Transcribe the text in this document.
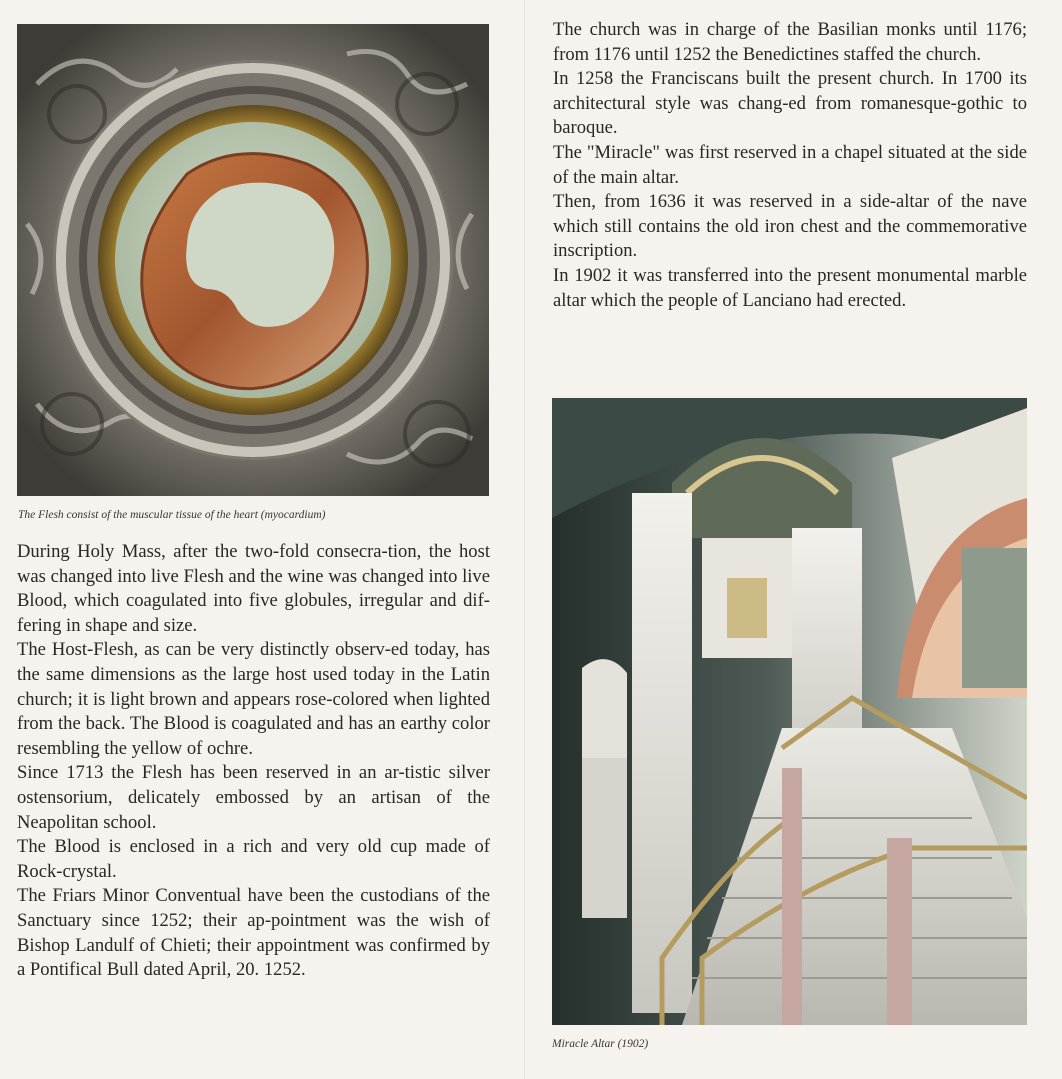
The Flesh consist of the muscular tissue of the heart (myocardium)

During Holy Mass, after the two-fold consecra-tion, the host was changed into live Flesh and the wine was changed into live Blood, which coagulated into five globules, irregular and dif-fering in shape and size.

The Host-Flesh, as can be very distinctly observ-ed today, has the same dimensions as the large host used today in the Latin church; it is light brown and appears rose-colored when lighted from the back. The Blood is coagulated and has an earthy color resembling the yellow of ochre.

Since 1713 the Flesh has been reserved in an ar-tistic silver ostensorium, delicately embossed by an artisan of the Neapolitan school.

The Blood is enclosed in a rich and very old cup made of Rock-crystal.

The Friars Minor Conventual have been the custodians of the Sanctuary since 1252; their ap-pointment was the wish of Bishop Landulf of Chieti; their appointment was confirmed by a Pontifical Bull dated April, 20. 1252.

The church was in charge of the Basilian monks until 1176; from 1176 until 1252 the Benedictines staffed the church.

In 1258 the Franciscans built the present church. In 1700 its architectural style was chang-ed from romanesque-gothic to baroque.

The "Miracle" was first reserved in a chapel situated at the side of the main altar.

Then, from 1636 it was reserved in a side-altar of the nave which still contains the old iron chest and the commemorative inscription.

In 1902 it was transferred into the present monumental marble altar which the people of Lanciano had erected.

Miracle Altar (1902)
